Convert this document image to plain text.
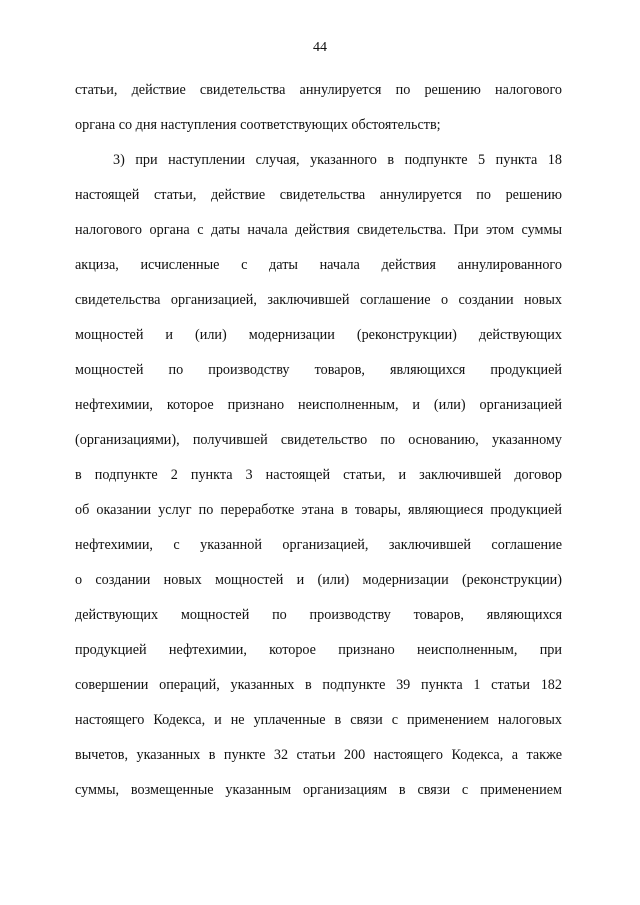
44
статьи, действие свидетельства аннулируется по решению налогового
органа со дня наступления соответствующих обстоятельств;
3) при наступлении случая, указанного в подпункте 5 пункта 18
настоящей статьи, действие свидетельства аннулируется по решению
налогового органа с даты начала действия свидетельства. При этом суммы
акциза, исчисленные с даты начала действия аннулированного
свидетельства организацией, заключившей соглашение о создании новых
мощностей и (или) модернизации (реконструкции) действующих
мощностей по производству товаров, являющихся продукцией
нефтехимии, которое признано неисполненным, и (или) организацией
(организациями), получившей свидетельство по основанию, указанному
в подпункте 2 пункта 3 настоящей статьи, и заключившей договор
об оказании услуг по переработке этана в товары, являющиеся продукцией
нефтехимии, с указанной организацией, заключившей соглашение
о создании новых мощностей и (или) модернизации (реконструкции)
действующих мощностей по производству товаров, являющихся
продукцией нефтехимии, которое признано неисполненным, при
совершении операций, указанных в подпункте 39 пункта 1 статьи 182
настоящего Кодекса, и не уплаченные в связи с применением налоговых
вычетов, указанных в пункте 32 статьи 200 настоящего Кодекса, а также
суммы, возмещенные указанным организациям в связи с применением
